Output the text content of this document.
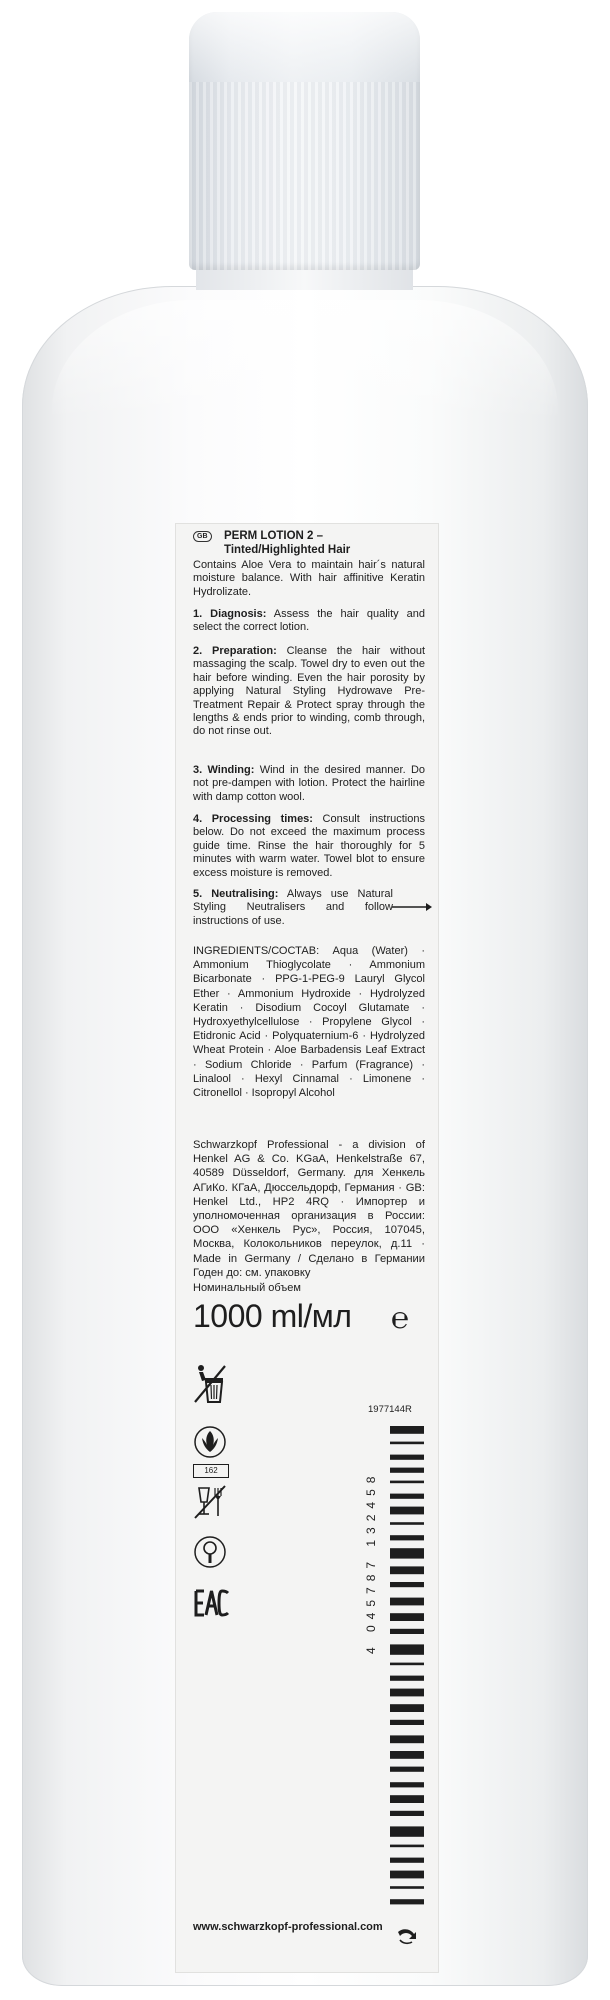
GB	PERM LOTION 2 –
Tinted/Highlighted Hair

Contains Aloe Vera to maintain hair´s natural moisture balance. With hair affinitive Keratin Hydrolizate.

1. Diagnosis: Assess the hair quality and select the correct lotion.

2. Preparation: Cleanse the hair without massaging the scalp. Towel dry to even out the hair before winding. Even the hair porosity by applying Natural Styling Hydrowave Pre-Treatment Repair & Protect spray through the lengths & ends prior to winding, comb through, do not rinse out.

3. Winding: Wind in the desired manner. Do not pre-dampen with lotion. Protect the hairline with damp cotton wool.

4. Processing times: Consult instructions below. Do not exceed the maximum process guide time. Rinse the hair thoroughly for 5 minutes with warm water. Towel blot to ensure excess moisture is removed.

5. Neutralising: Always use Natural Styling Neutralisers and follow instructions of use.

INGREDIENTS/СОСТАВ: Aqua (Water) · Ammonium Thioglycolate · Ammonium Bicarbonate · PPG-1-PEG-9 Lauryl Glycol Ether · Ammonium Hydroxide · Hydrolyzed Keratin · Disodium Cocoyl Glutamate · Hydroxyethylcellulose · Propylene Glycol · Etidronic Acid · Polyquaternium-6 · Hydrolyzed Wheat Protein · Aloe Barbadensis Leaf Extract · Sodium Chloride · Parfum (Fragrance) · Linalool · Hexyl Cinnamal · Limonene · Citronellol · Isopropyl Alcohol

Schwarzkopf Professional - a division of Henkel AG & Co. KGaA, Henkelstraße 67, 40589 Düsseldorf, Germany. для Хенкель АГиКо. КГаА, Дюссельдорф, Германия · GB: Henkel Ltd., HP2 4RQ · Импортер и уполномоченная организация в России: ООО «Хенкель Рус», Россия, 107045, Москва, Колокольников переулок, д.11 · Made in Germany / Сделано в Германии Годен до: см. упаковку

Номинальный объем

1000 ml/мл ℮
1977144R
162
4 045787 132458
www.schwarzkopf-professional.com
